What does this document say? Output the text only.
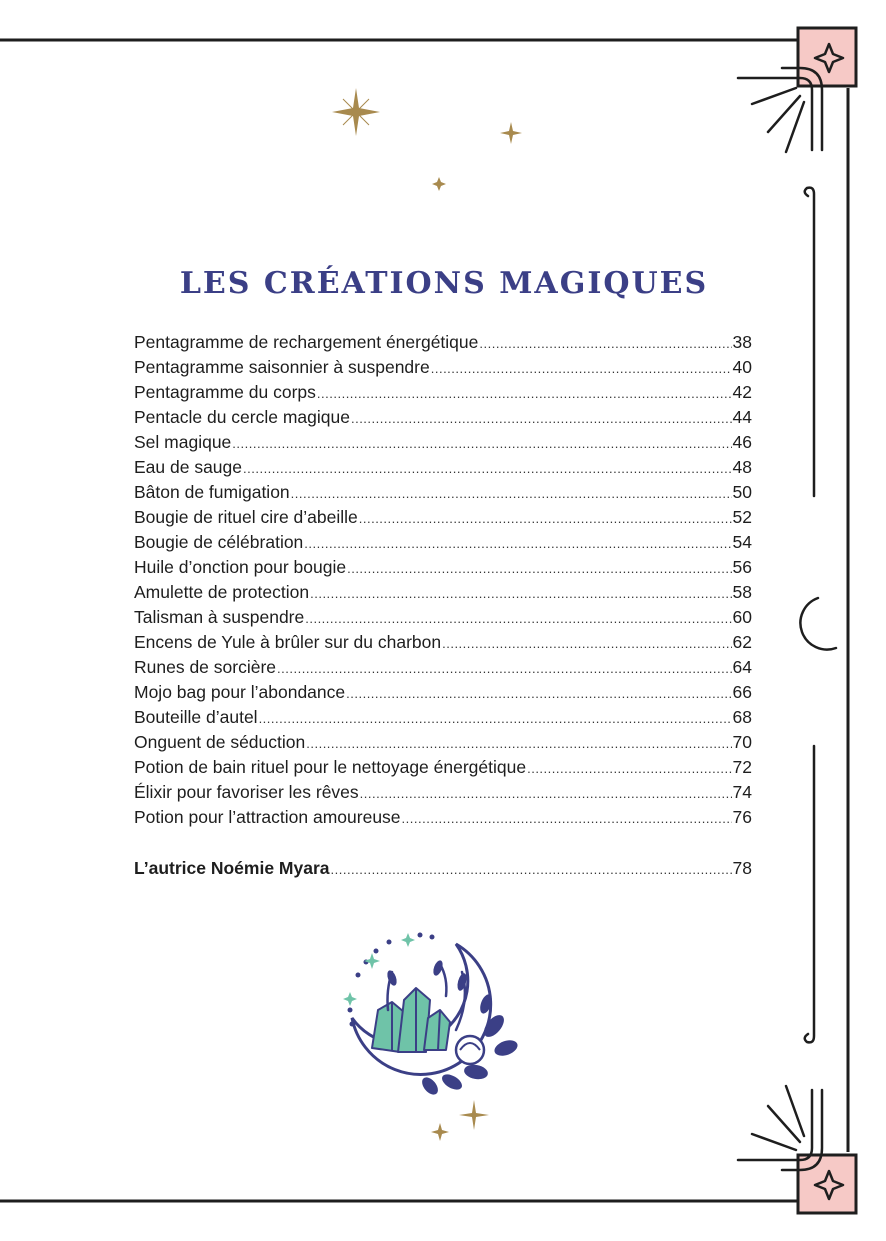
LES CRÉATIONS MAGIQUES
Pentagramme de rechargement énergétique .....	38
Pentagramme saisonnier à suspendre .....	40
Pentagramme du corps .....	42
Pentacle du cercle magique .....	44
Sel magique .....	46
Eau de sauge .....	48
Bâton de fumigation .....	50
Bougie de rituel cire d’abeille .....	52
Bougie de célébration .....	54
Huile d’onction pour bougie .....	56
Amulette de protection .....	58
Talisman à suspendre .....	60
Encens de Yule à brûler sur du charbon .....	62
Runes de sorcière .....	64
Mojo bag pour l’abondance .....	66
Bouteille d’autel .....	68
Onguent de séduction .....	70
Potion de bain rituel pour le nettoyage énergétique .....	72
Élixir pour favoriser les rêves .....	74
Potion pour l’attraction amoureuse .....	76
L’autrice Noémie Myara .....	78
